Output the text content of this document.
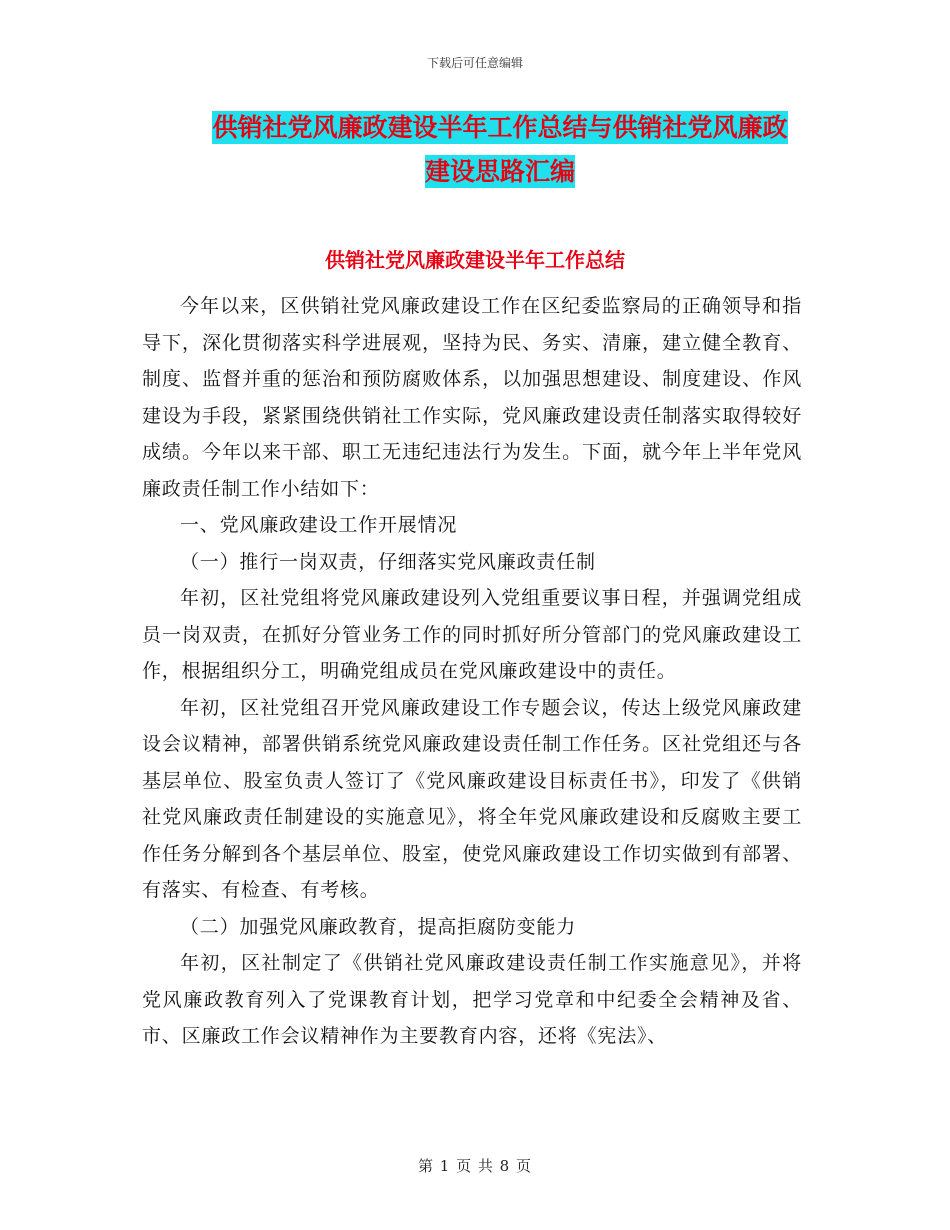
下载后可任意编辑
供销社党风廉政建设半年工作总结与供销社党风廉政
建设思路汇编
供销社党风廉政建设半年工作总结

今年以来，区供销社党风廉政建设工作在区纪委监察局的正确领导和指导下，深化贯彻落实科学进展观，坚持为民、务实、清廉，建立健全教育、制度、监督并重的惩治和预防腐败体系，以加强思想建设、制度建设、作风建设为手段，紧紧围绕供销社工作实际，党风廉政建设责任制落实取得较好成绩。今年以来干部、职工无违纪违法行为发生。下面，就今年上半年党风廉政责任制工作小结如下：

一、党风廉政建设工作开展情况

（一）推行一岗双责，仔细落实党风廉政责任制

年初，区社党组将党风廉政建设列入党组重要议事日程，并强调党组成员一岗双责，在抓好分管业务工作的同时抓好所分管部门的党风廉政建设工作，根据组织分工，明确党组成员在党风廉政建设中的责任。

年初，区社党组召开党风廉政建设工作专题会议，传达上级党风廉政建设会议精神，部署供销系统党风廉政建设责任制工作任务。区社党组还与各基层单位、股室负责人签订了《党风廉政建设目标责任书》，印发了《供销社党风廉政责任制建设的实施意见》，将全年党风廉政建设和反腐败主要工作任务分解到各个基层单位、股室，使党风廉政建设工作切实做到有部署、有落实、有检查、有考核。

（二）加强党风廉政教育，提高拒腐防变能力

年初，区社制定了《供销社党风廉政建设责任制工作实施意见》，并将党风廉政教育列入了党课教育计划，把学习党章和中纪委全会精神及省、市、区廉政工作会议精神作为主要教育内容，还将《宪法》、

第 1 页 共 8 页
